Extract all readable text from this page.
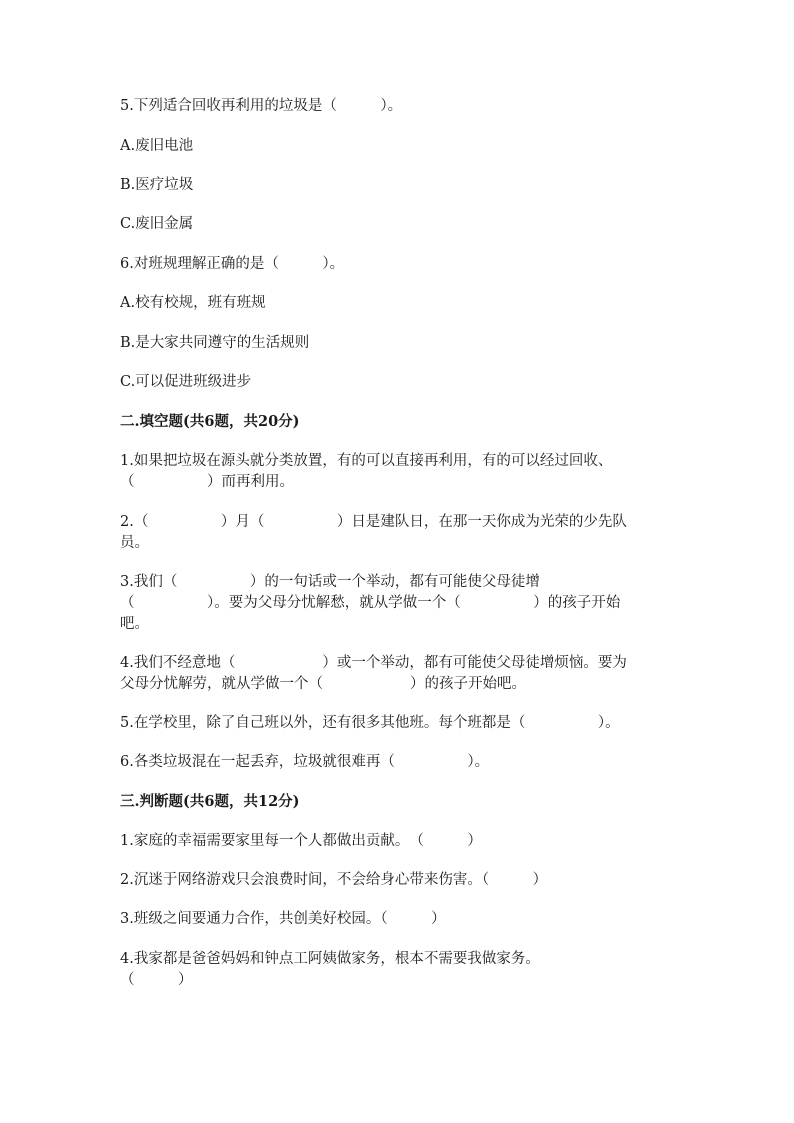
5.下列适合回收再利用的垃圾是（　　　）。
A.废旧电池
B.医疗垃圾
C.废旧金属
6.对班规理解正确的是（　　　）。
A.校有校规，班有班规
B.是大家共同遵守的生活规则
C.可以促进班级进步
二.填空题(共6题，共20分)
1.如果把垃圾在源头就分类放置，有的可以直接再利用，有的可以经过回收、
（　　　　　）而再利用。
2.（　　　　　）月（　　　　　）日是建队日，在那一天你成为光荣的少先队
员。
3.我们（　　　　　）的一句话或一个举动，都有可能使父母徒增
（　　　　　）。要为父母分忧解愁，就从学做一个（　　　　　）的孩子开始
吧。
4.我们不经意地（　　　　　　）或一个举动，都有可能使父母徒增烦恼。要为
父母分忧解劳，就从学做一个（　　　　　　）的孩子开始吧。
5.在学校里，除了自己班以外，还有很多其他班。每个班都是（　　　　　）。
6.各类垃圾混在一起丢弃，垃圾就很难再（　　　　　）。
三.判断题(共6题，共12分)
1.家庭的幸福需要家里每一个人都做出贡献。　（　　　）
2.沉迷于网络游戏只会浪费时间，不会给身心带来伤害。（　　　）
3.班级之间要通力合作，共创美好校园。（　　　）
4.我家都是爸爸妈妈和钟点工阿姨做家务，根本不需要我做家务。
（　　　）
